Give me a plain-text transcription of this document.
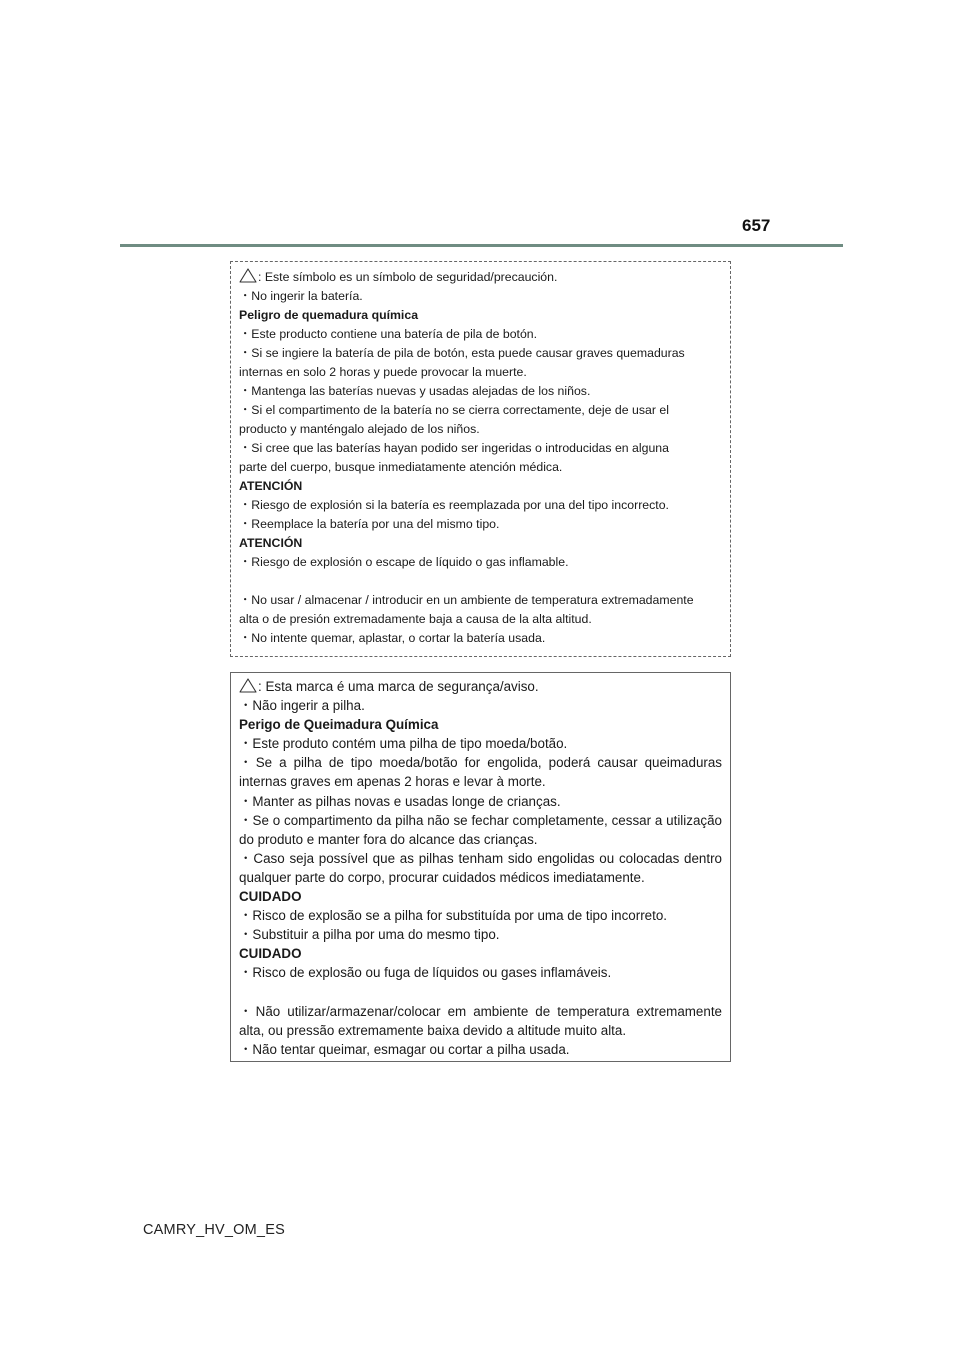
657
: Este símbolo es un símbolo de seguridad/precaución.
・No ingerir la batería.
Peligro de quemadura química
・Este producto contiene una batería de pila de botón.
・Si se ingiere la batería de pila de botón, esta puede causar graves quemaduras
internas en solo 2 horas y puede provocar la muerte.
・Mantenga las baterías nuevas y usadas alejadas de los niños.
・Si el compartimento de la batería no se cierra correctamente, deje de usar el
producto y manténgalo alejado de los niños.
・Si cree que las baterías hayan podido ser ingeridas o introducidas en alguna
parte del cuerpo, busque inmediatamente atención médica.
ATENCIÓN
・Riesgo de explosión si la batería es reemplazada por una del tipo incorrecto.
・Reemplace la batería por una del mismo tipo.
ATENCIÓN
・Riesgo de explosión o escape de líquido o gas inflamable.
・No usar / almacenar / introducir en un ambiente de temperatura extremadamente
alta o de presión extremadamente baja a causa de la alta altitud.
・No intente quemar, aplastar, o cortar la batería usada.
: Esta marca é uma marca de segurança/aviso.
・Não ingerir a pilha.
Perigo de Queimadura Química
・Este produto contém uma pilha de tipo moeda/botão.
・Se a pilha de tipo moeda/botão for engolida, poderá causar queimaduras
internas graves em apenas 2 horas e levar à morte.
・Manter as pilhas novas e usadas longe de crianças.
・Se o compartimento da pilha não se fechar completamente, cessar a utilização
do produto e manter fora do alcance das crianças.
・Caso seja possível que as pilhas tenham sido engolidas ou colocadas dentro
qualquer parte do corpo, procurar cuidados médicos imediatamente.
CUIDADO
・Risco de explosão se a pilha for substituída por uma de tipo incorreto.
・Substituir a pilha por uma do mesmo tipo.
CUIDADO
・Risco de explosão ou fuga de líquidos ou gases inflamáveis.
・Não utilizar/armazenar/colocar em ambiente de temperatura extremamente
alta, ou pressão extremamente baixa devido a altitude muito alta.
・Não tentar queimar, esmagar ou cortar a pilha usada.
CAMRY_HV_OM_ES
